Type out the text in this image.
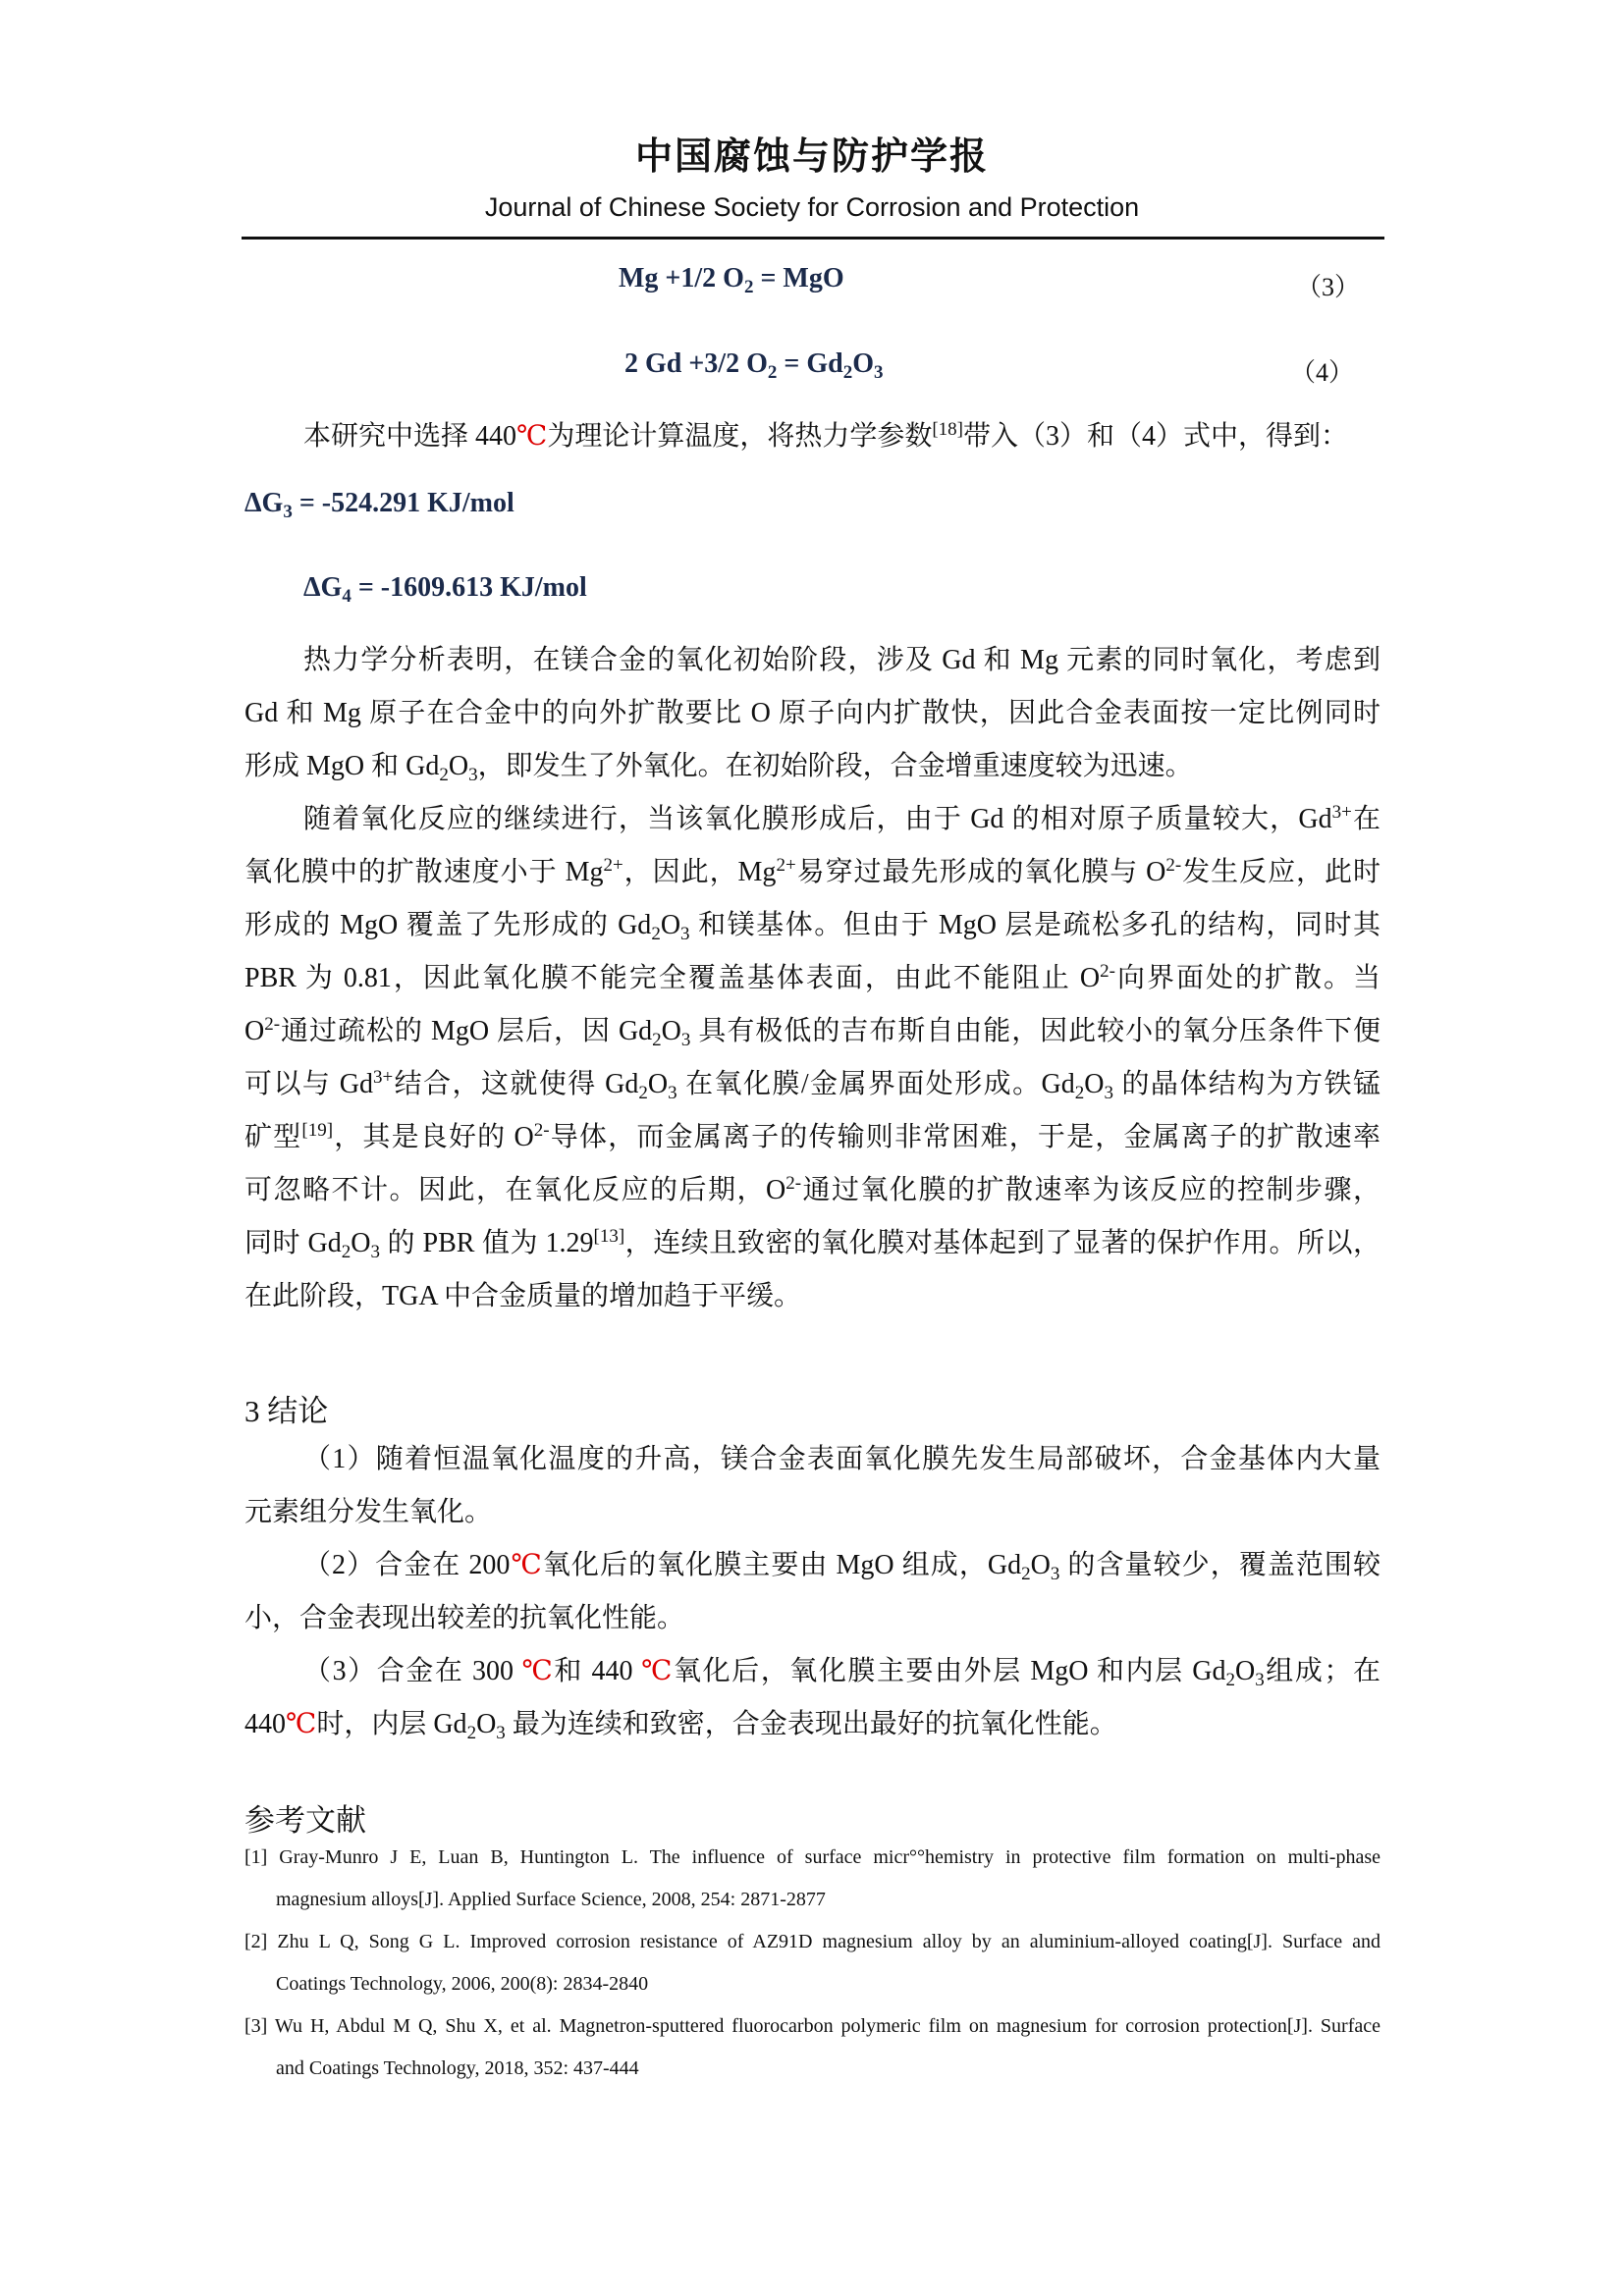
中国腐蚀与防护学报
Journal of Chinese Society for Corrosion and Protection
Mg +1/2 $O_2$ = MgO	（3）
2 Gd +3/2 $O_2 = Gd_2O_3$	（4）
本研究中选择 440℃为理论计算温度，将热力学参数[18]带入（3）和（4）式中，得到：
$\Delta G_3 = -524.291$ KJ/mol
$\Delta G_4 = -1609.613$ KJ/mol
热力学分析表明，在镁合金的氧化初始阶段，涉及 Gd 和 Mg 元素的同时氧化，考虑到
Gd 和 Mg 原子在合金中的向外扩散要比 O 原子向内扩散快，因此合金表面按一定比例同时
形成 MgO 和 $Gd_2O_3$，即发生了外氧化。在初始阶段，合金增重速度较为迅速。
随着氧化反应的继续进行，当该氧化膜形成后，由于 Gd 的相对原子质量较大，$Gd^{3+}$在
氧化膜中的扩散速度小于 $Mg^{2+}$，因此，$Mg^{2+}$易穿过最先形成的氧化膜与 $O^{2-}$发生反应，此时
形成的 MgO 覆盖了先形成的 $Gd_2O_3$ 和镁基体。但由于 MgO 层是疏松多孔的结构，同时其
PBR 为 0.81，因此氧化膜不能完全覆盖基体表面，由此不能阻止 $O^{2-}$向界面处的扩散。当
$O^{2-}$通过疏松的 MgO 层后，因 $Gd_2O_3$ 具有极低的吉布斯自由能，因此较小的氧分压条件下便
可以与 $Gd^{3+}$结合，这就使得 $Gd_2O_3$ 在氧化膜/金属界面处形成。$Gd_2O_3$ 的晶体结构为方铁锰
矿型[19]，其是良好的 $O^{2-}$导体，而金属离子的传输则非常困难，于是，金属离子的扩散速率
可忽略不计。因此，在氧化反应的后期，$O^{2-}$通过氧化膜的扩散速率为该反应的控制步骤，
同时 $Gd_2O_3$ 的 PBR 值为 1.29[13]，连续且致密的氧化膜对基体起到了显著的保护作用。所以，
在此阶段，TGA 中合金质量的增加趋于平缓。
3 结论
（1）随着恒温氧化温度的升高，镁合金表面氧化膜先发生局部破坏，合金基体内大量
元素组分发生氧化。
（2）合金在 200℃氧化后的氧化膜主要由 MgO 组成，$Gd_2O_3$ 的含量较少，覆盖范围较
小，合金表现出较差的抗氧化性能。
（3）合金在 300 ℃和 440 ℃氧化后，氧化膜主要由外层 MgO 和内层 $Gd_2O_3$组成；在
440℃时，内层 $Gd_2O_3$ 最为连续和致密，合金表现出最好的抗氧化性能。
参考文献
[1] Gray-Munro J E, Luan B, Huntington L. The influence of surface micr°°hemistry in protective film formation on multi-phase
magnesium alloys[J]. Applied Surface Science, 2008, 254: 2871-2877
[2] Zhu L Q, Song G L. Improved corrosion resistance of AZ91D magnesium alloy by an aluminium-alloyed coating[J]. Surface and
Coatings Technology, 2006, 200(8): 2834-2840
[3] Wu H, Abdul M Q, Shu X, et al. Magnetron-sputtered fluorocarbon polymeric film on magnesium for corrosion protection[J]. Surface
and Coatings Technology, 2018, 352: 437-444
